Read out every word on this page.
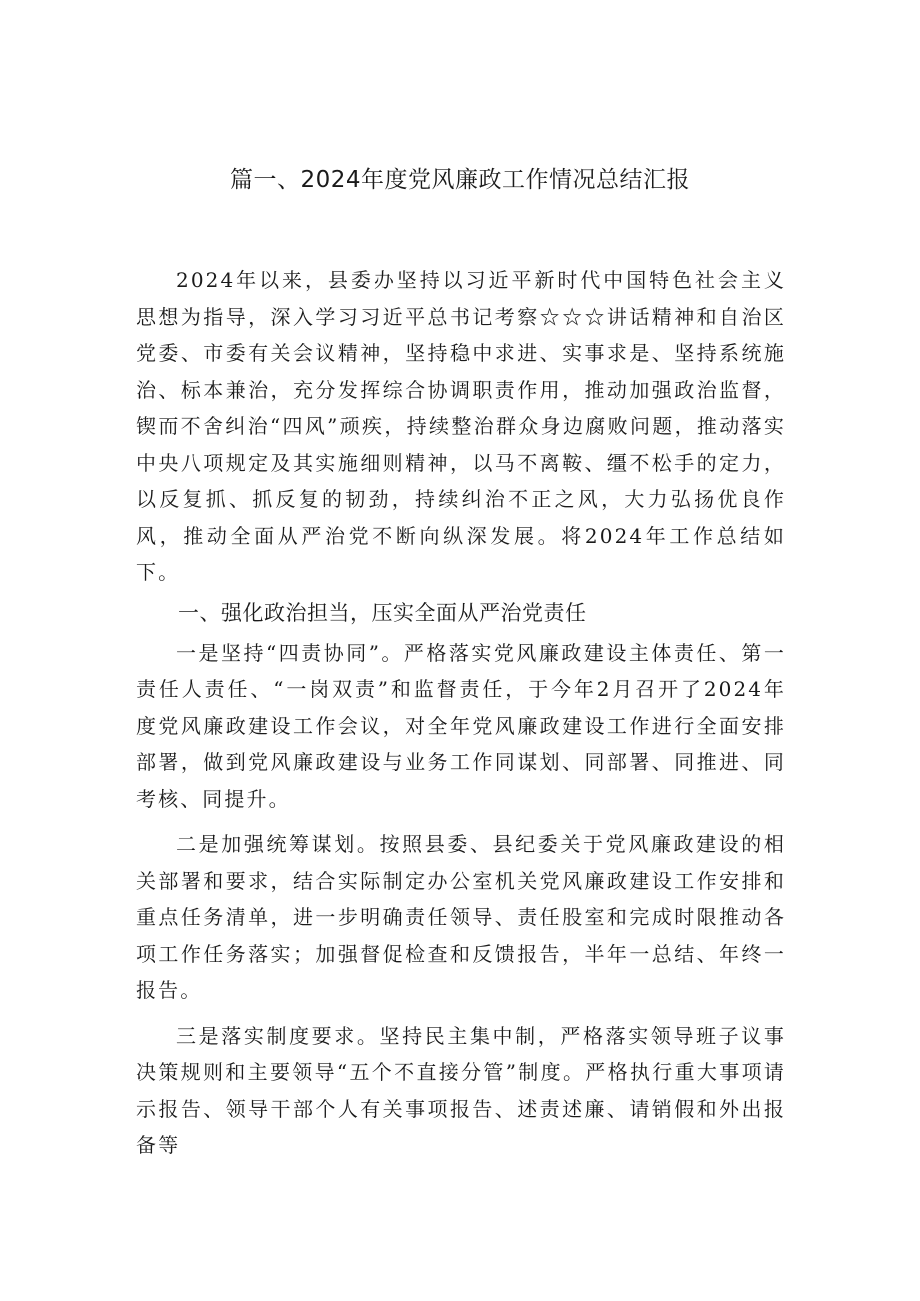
篇一、2024年度党风廉政工作情况总结汇报

2024年以来，县委办坚持以习近平新时代中国特色社会主义思想为指导，深入学习习近平总书记考察☆☆☆讲话精神和自治区党委、市委有关会议精神，坚持稳中求进、实事求是、坚持系统施治、标本兼治，充分发挥综合协调职责作用，推动加强政治监督，锲而不舍纠治“四风”顽疾，持续整治群众身边腐败问题，推动落实中央八项规定及其实施细则精神，以马不离鞍、缰不松手的定力，以反复抓、抓反复的韧劲，持续纠治不正之风，大力弘扬优良作风，推动全面从严治党不断向纵深发展。将2024年工作总结如下。

一、强化政治担当，压实全面从严治党责任

一是坚持“四责协同”。严格落实党风廉政建设主体责任、第一责任人责任、“一岗双责”和监督责任，于今年2月召开了2024年度党风廉政建设工作会议，对全年党风廉政建设工作进行全面安排部署，做到党风廉政建设与业务工作同谋划、同部署、同推进、同考核、同提升。

二是加强统筹谋划。按照县委、县纪委关于党风廉政建设的相关部署和要求，结合实际制定办公室机关党风廉政建设工作安排和重点任务清单，进一步明确责任领导、责任股室和完成时限推动各项工作任务落实；加强督促检查和反馈报告，半年一总结、年终一报告。

三是落实制度要求。坚持民主集中制，严格落实领导班子议事决策规则和主要领导“五个不直接分管”制度。严格执行重大事项请示报告、领导干部个人有关事项报告、述责述廉、请销假和外出报备等
